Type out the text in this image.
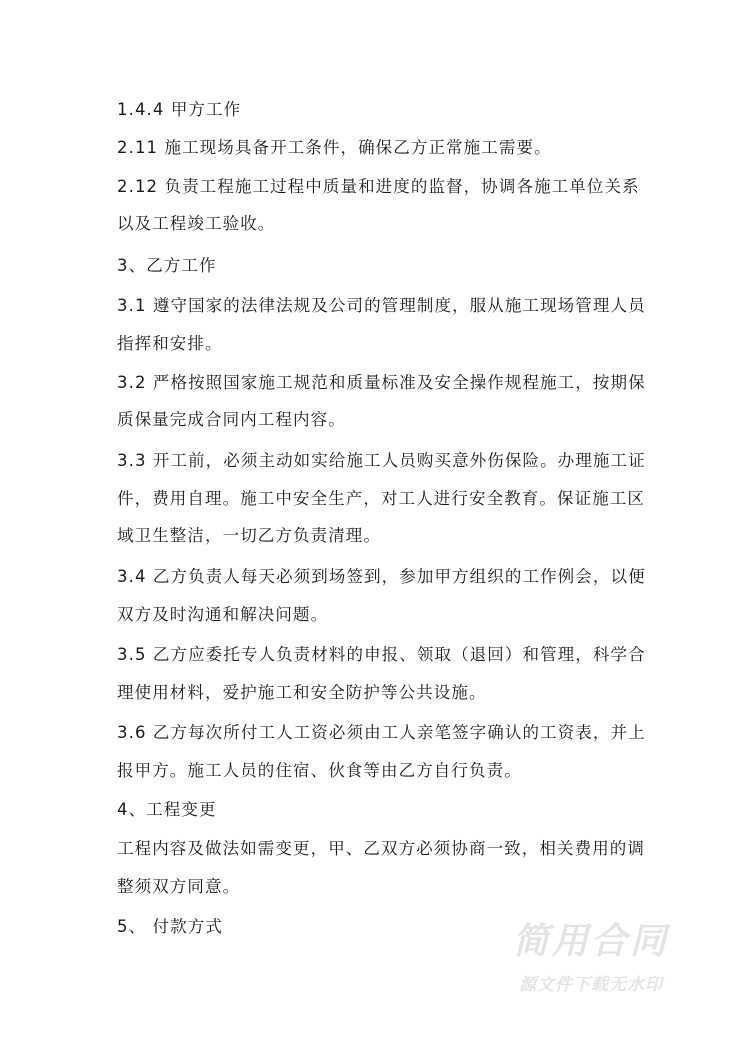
1.4.4 甲方工作
2.11 施工现场具备开工条件，确保乙方正常施工需要。
2.12 负责工程施工过程中质量和进度的监督，协调各施工单位关系
以及工程竣工验收。
3、乙方工作
3.1 遵守国家的法律法规及公司的管理制度，服从施工现场管理人员
指挥和安排。
3.2 严格按照国家施工规范和质量标准及安全操作规程施工，按期保
质保量完成合同内工程内容。
3.3 开工前，必须主动如实给施工人员购买意外伤保险。办理施工证
件，费用自理。施工中安全生产，对工人进行安全教育。保证施工区
域卫生整洁，一切乙方负责清理。
3.4 乙方负责人每天必须到场签到，参加甲方组织的工作例会，以便
双方及时沟通和解决问题。
3.5 乙方应委托专人负责材料的申报、领取（退回）和管理，科学合
理使用材料，爱护施工和安全防护等公共设施。
3.6 乙方每次所付工人工资必须由工人亲笔签字确认的工资表，并上
报甲方。施工人员的住宿、伙食等由乙方自行负责。
4、工程变更
工程内容及做法如需变更，甲、乙双方必须协商一致，相关费用的调
整须双方同意。
5、 付款方式	简用合同
源文件下载无水印
